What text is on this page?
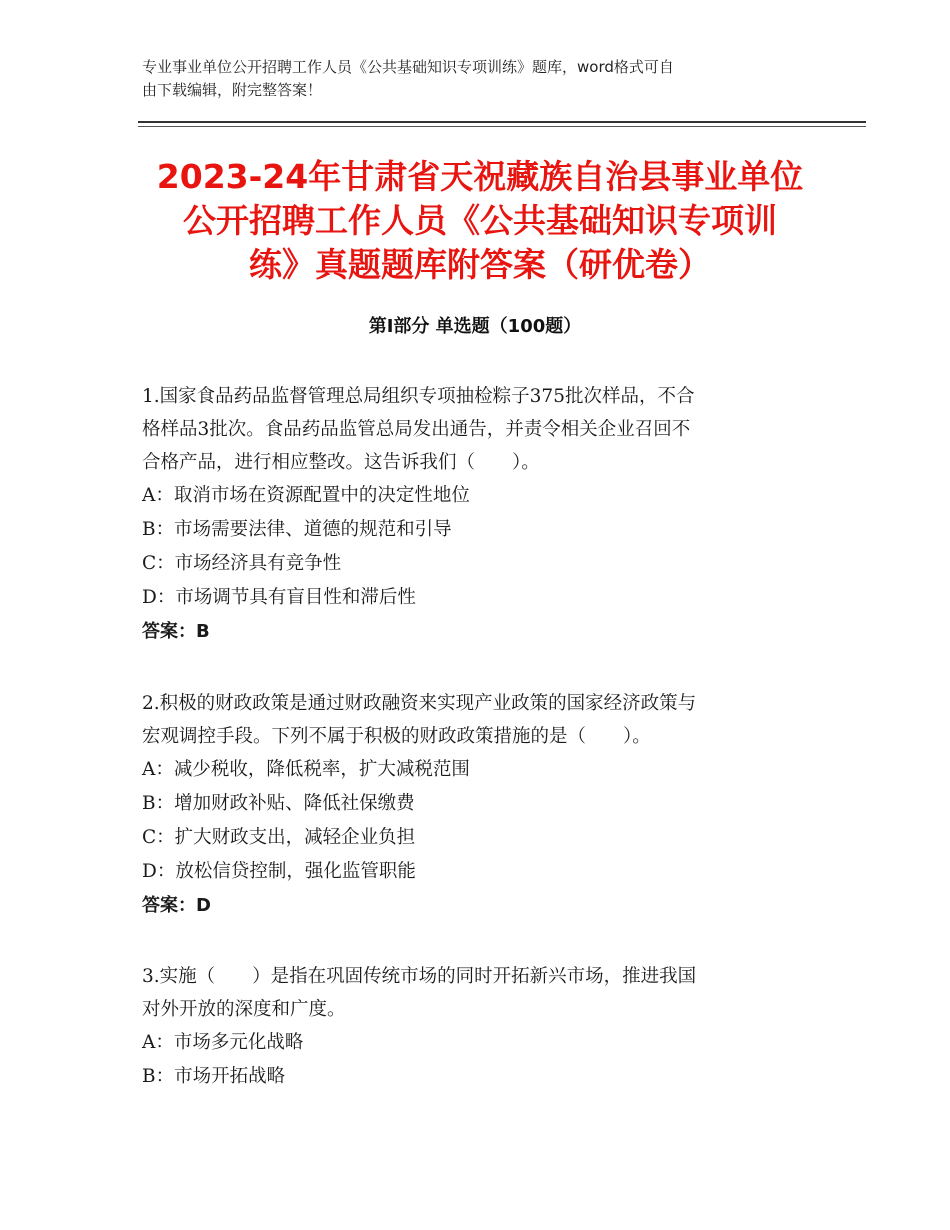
专业事业单位公开招聘工作人员《公共基础知识专项训练》题库，word格式可自
由下载编辑，附完整答案！
2023-24年甘肃省天祝藏族自治县事业单位
公开招聘工作人员《公共基础知识专项训
练》真题题库附答案（研优卷）
第Ⅰ部分 单选题（100题）

1.国家食品药品监督管理总局组织专项抽检粽子375批次样品，不合

格样品3批次。食品药品监管总局发出通告，并责令相关企业召回不

合格产品，进行相应整改。这告诉我们（　　）。

A：取消市场在资源配置中的决定性地位

B：市场需要法律、道德的规范和引导

C：市场经济具有竞争性

D：市场调节具有盲目性和滞后性

答案：B

2.积极的财政政策是通过财政融资来实现产业政策的国家经济政策与

宏观调控手段。下列不属于积极的财政政策措施的是（　　）。

A：减少税收，降低税率，扩大减税范围

B：增加财政补贴、降低社保缴费

C：扩大财政支出，减轻企业负担

D：放松信贷控制，强化监管职能

答案：D

3.实施（　　）是指在巩固传统市场的同时开拓新兴市场，推进我国

对外开放的深度和广度。

A：市场多元化战略

B：市场开拓战略
